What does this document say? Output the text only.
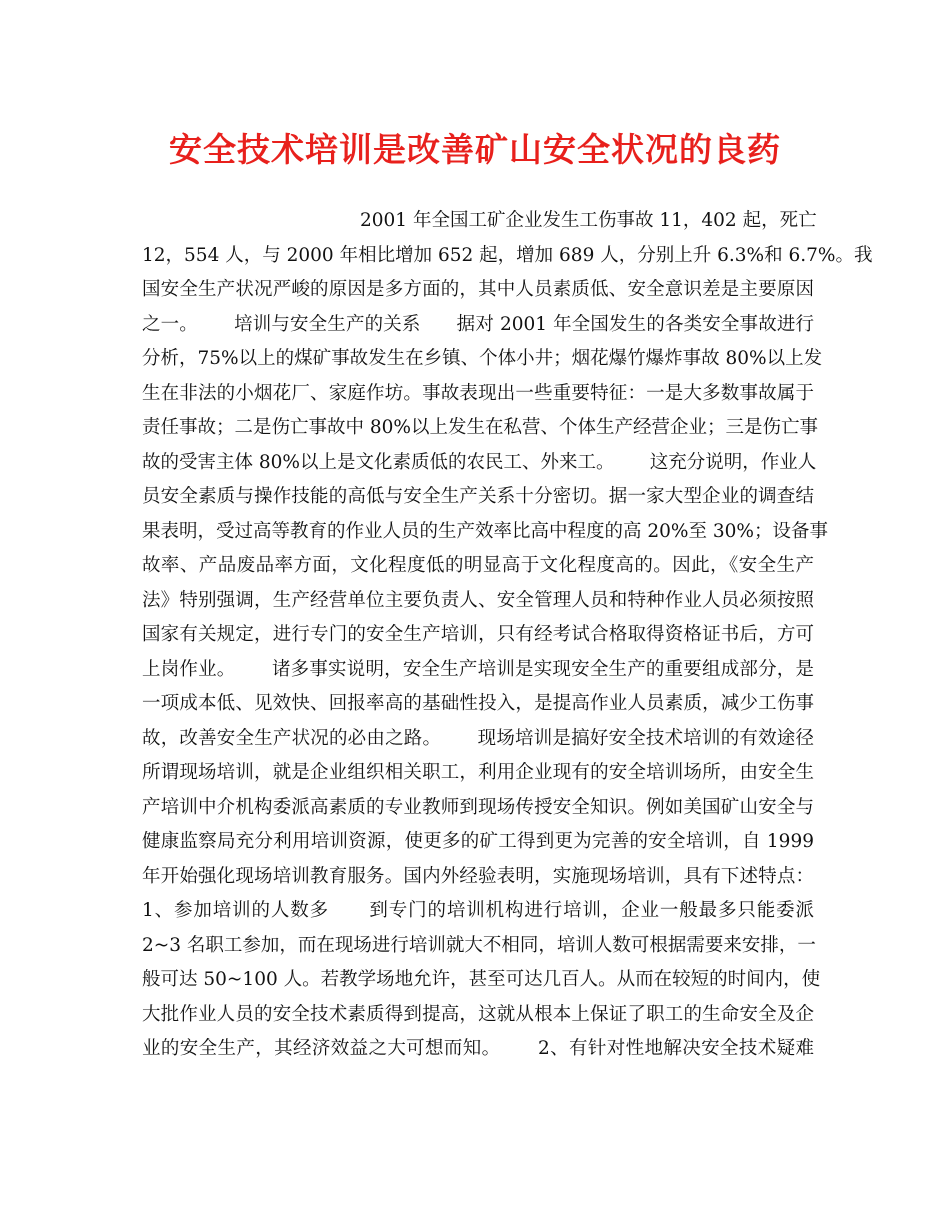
安全技术培训是改善矿山安全状况的良药
2001 年全国工矿企业发生工伤事故 11，402 起，死亡
12，554 人，与 2000 年相比增加 652 起，增加 689 人，分别上升 6.3%和 6.7%。我
国安全生产状况严峻的原因是多方面的，其中人员素质低、安全意识差是主要原因
之一。      培训与安全生产的关系      据对 2001 年全国发生的各类安全事故进行
分析，75%以上的煤矿事故发生在乡镇、个体小井；烟花爆竹爆炸事故 80%以上发
生在非法的小烟花厂、家庭作坊。事故表现出一些重要特征：一是大多数事故属于
责任事故；二是伤亡事故中 80%以上发生在私营、个体生产经营企业；三是伤亡事
故的受害主体 80%以上是文化素质低的农民工、外来工。      这充分说明，作业人
员安全素质与操作技能的高低与安全生产关系十分密切。据一家大型企业的调查结
果表明，受过高等教育的作业人员的生产效率比高中程度的高 20%至 30%；设备事
故率、产品废品率方面，文化程度低的明显高于文化程度高的。因此，《安全生产
法》特别强调，生产经营单位主要负责人、安全管理人员和特种作业人员必须按照
国家有关规定，进行专门的安全生产培训，只有经考试合格取得资格证书后，方可
上岗作业。      诸多事实说明，安全生产培训是实现安全生产的重要组成部分，是
一项成本低、见效快、回报率高的基础性投入，是提高作业人员素质，减少工伤事
故，改善安全生产状况的必由之路。      现场培训是搞好安全技术培训的有效途径
所谓现场培训，就是企业组织相关职工，利用企业现有的安全培训场所，由安全生
产培训中介机构委派高素质的专业教师到现场传授安全知识。例如美国矿山安全与
健康监察局充分利用培训资源，使更多的矿工得到更为完善的安全培训，自 1999
年开始强化现场培训教育服务。国内外经验表明，实施现场培训，具有下述特点：
1、参加培训的人数多      到专门的培训机构进行培训，企业一般最多只能委派
2~3 名职工参加，而在现场进行培训就大不相同，培训人数可根据需要来安排，一
般可达 50~100 人。若教学场地允许，甚至可达几百人。从而在较短的时间内，使
大批作业人员的安全技术素质得到提高，这就从根本上保证了职工的生命安全及企
业的安全生产，其经济效益之大可想而知。      2、有针对性地解决安全技术疑难
